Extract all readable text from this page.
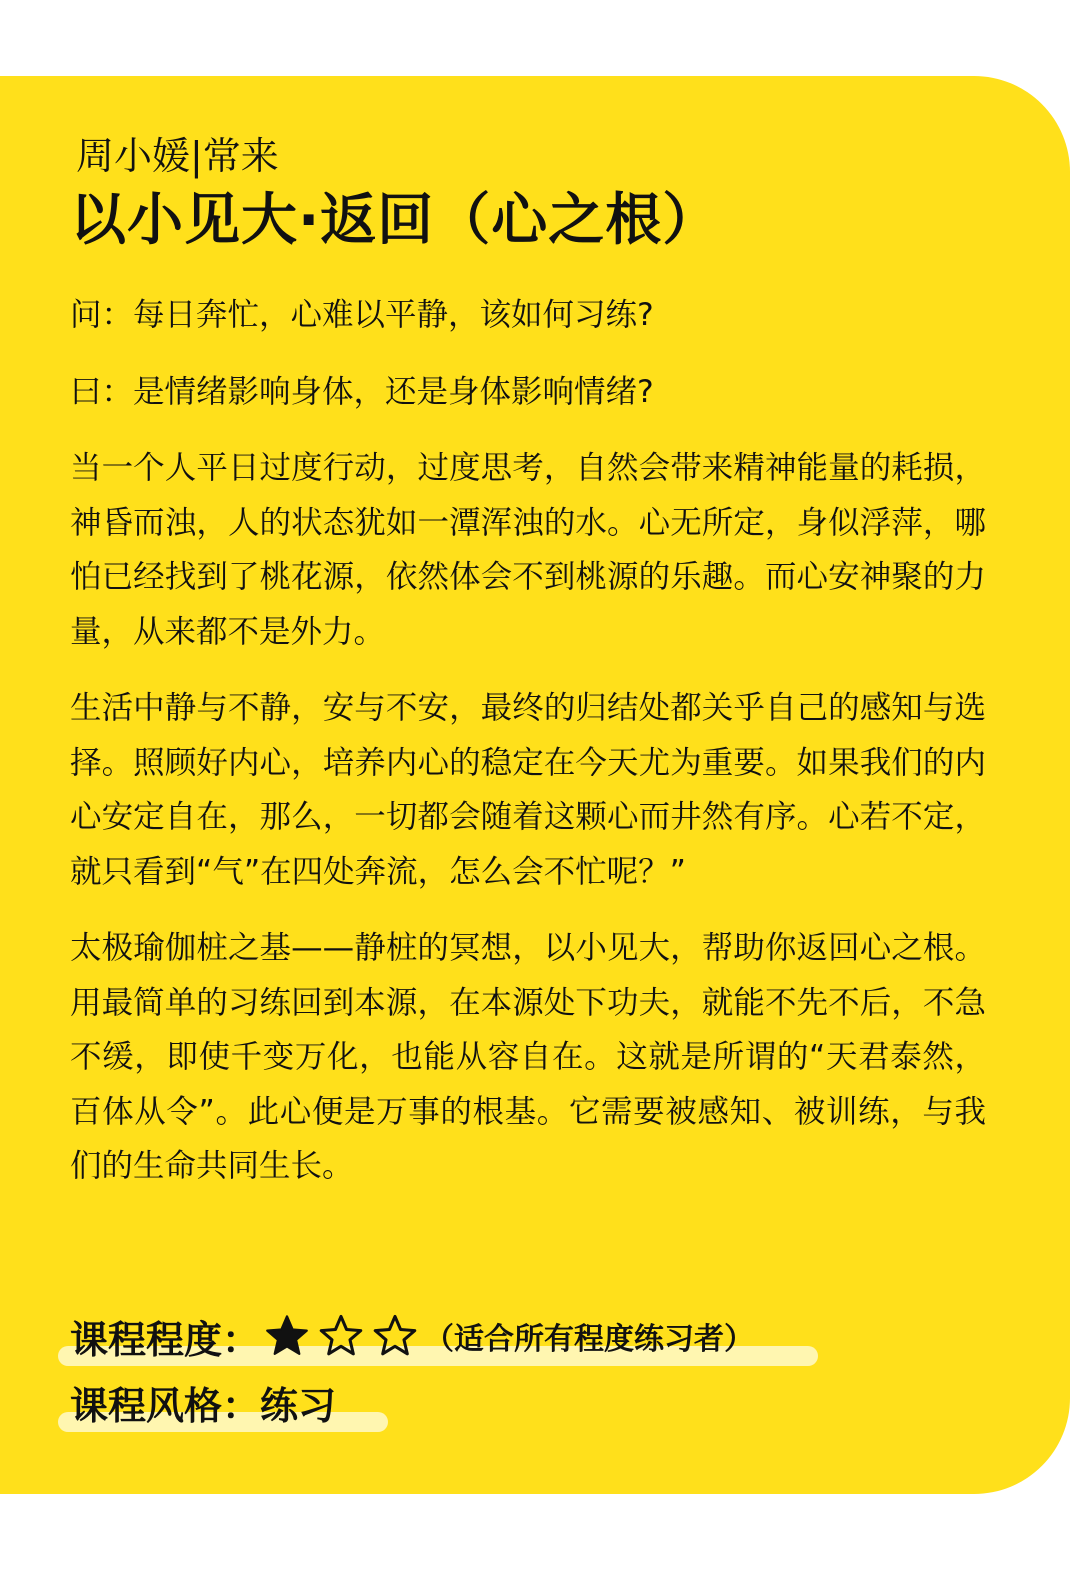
周小媛|常来
以小见大·返回（心之根）

问：每日奔忙，心难以平静，该如何习练?

曰：是情绪影响身体，还是身体影响情绪?

当一个人平日过度行动，过度思考，自然会带来精神能量的耗损，神昏而浊，人的状态犹如一潭浑浊的水。心无所定，身似浮萍，哪怕已经找到了桃花源，依然体会不到桃源的乐趣。而心安神聚的力量，从来都不是外力。

生活中静与不静，安与不安，最终的归结处都关乎自己的感知与选择。照顾好内心，培养内心的稳定在今天尤为重要。如果我们的内心安定自在，那么，一切都会随着这颗心而井然有序。心若不定，就只看到“气”在四处奔流，怎么会不忙呢？”

太极瑜伽桩之基——静桩的冥想，以小见大，帮助你返回心之根。用最简单的习练回到本源，在本源处下功夫，就能不先不后，不急不缓，即使千变万化，也能从容自在。这就是所谓的“天君泰然，百体从令”。此心便是万事的根基。它需要被感知、被训练，与我们的生命共同生长。

课程程度：	（适合所有程度练习者）
课程风格： 练习
